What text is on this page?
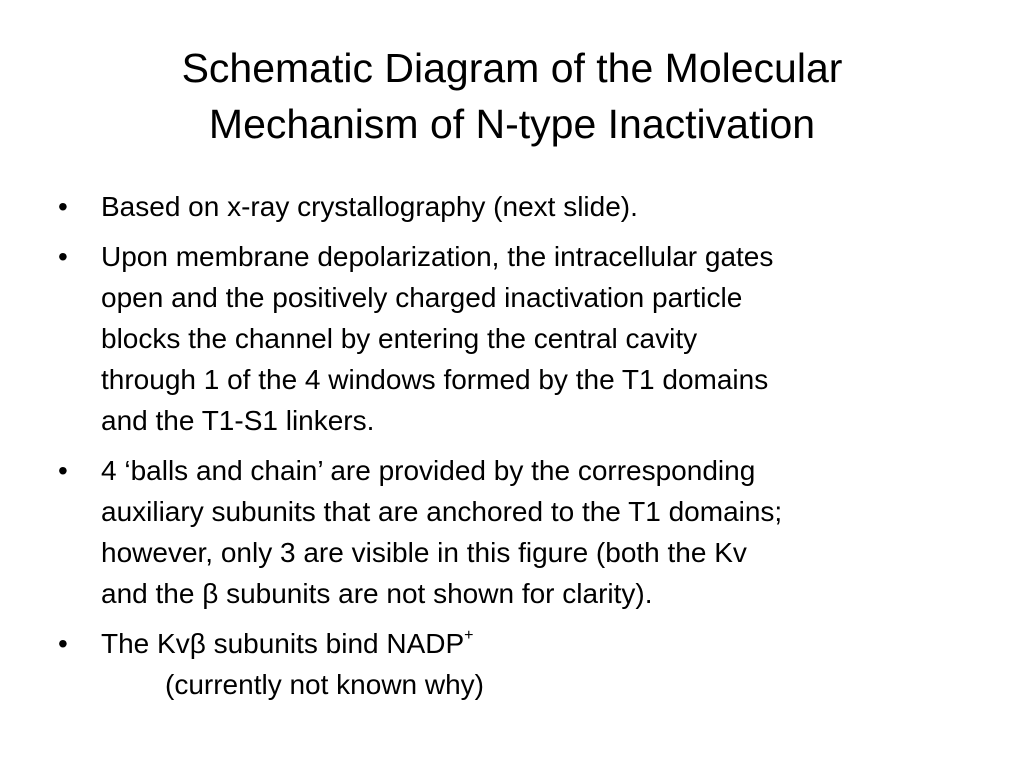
Schematic Diagram of the Molecular
Mechanism of N-type Inactivation
•	Based on x-ray crystallography (next slide).
•	Upon membrane depolarization, the intracellular gates
open and the positively charged inactivation particle
blocks the channel by entering the central cavity
through 1 of the 4 windows formed by the T1 domains
and the T1-S1 linkers.
•	4 ‘balls and chain’ are provided by the corresponding
auxiliary subunits that are anchored to the T1 domains;
however, only 3 are visible in this figure (both the Kv
and the β subunits are not shown for clarity).
•	The Kvβ subunits bind NADP+
(currently not known why)
